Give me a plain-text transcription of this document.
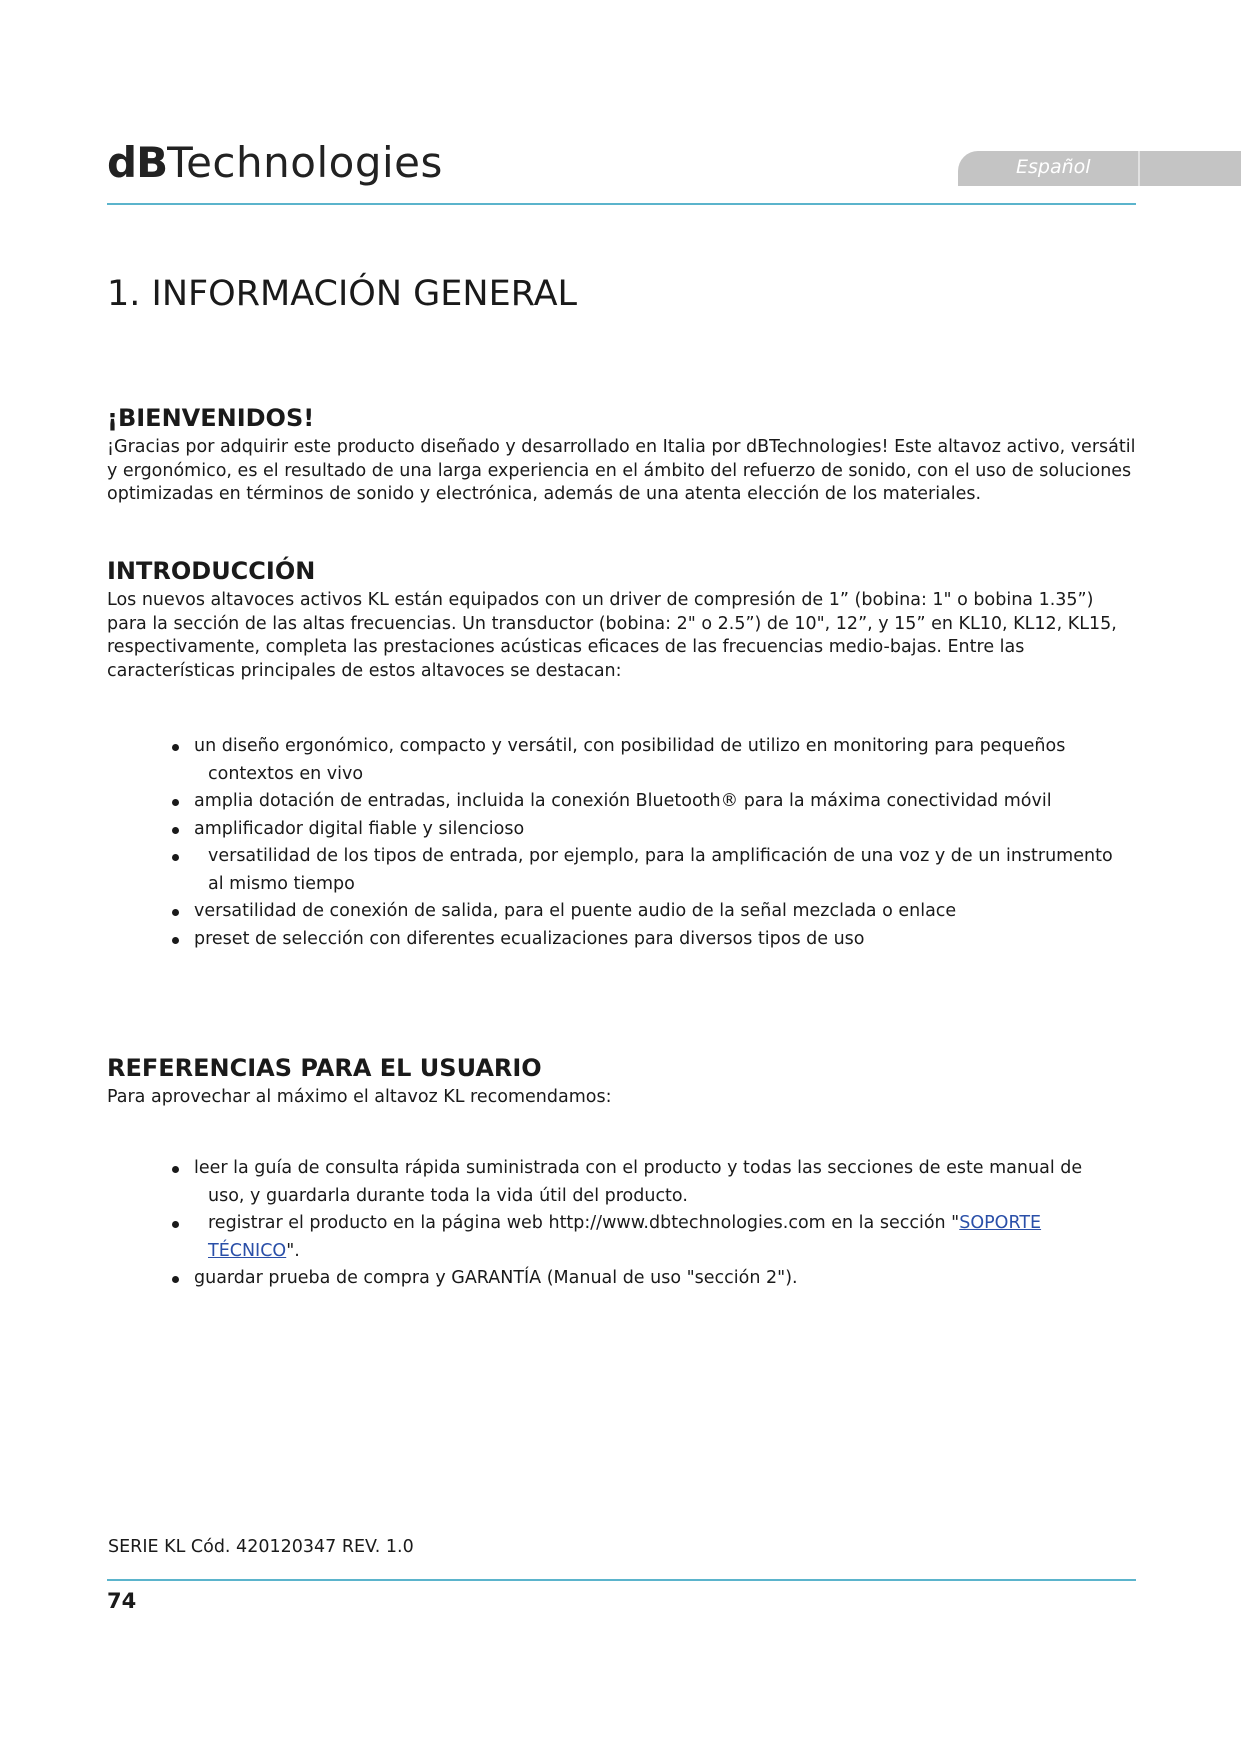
dBTechnologies	Español
1. INFORMACIÓN GENERAL
¡BIENVENIDOS!

¡Gracias por adquirir este producto diseñado y desarrollado en Italia por dBTechnologies! Este altavoz activo, versátil y ergonómico, es el resultado de una larga experiencia en el ámbito del refuerzo de sonido, con el uso de soluciones optimizadas en términos de sonido y electrónica, además de una atenta elección de los materiales.

INTRODUCCIÓN

Los nuevos altavoces activos KL están equipados con un driver de compresión de 1” (bobina: 1" o bobina 1.35”) para la sección de las altas frecuencias. Un transductor (bobina: 2" o 2.5”) de 10", 12”, y 15” en KL10, KL12, KL15, respectivamente, completa las prestaciones acústicas eficaces de las frecuencias medio-bajas. Entre las características principales de estos altavoces se destacan:

un diseño ergonómico, compacto y versátil, con posibilidad de utilizo en monitoring para pequeños
contextos en vivo
amplia dotación de entradas, incluida la conexión Bluetooth® para la máxima conectividad móvil
amplificador digital fiable y silencioso
versatilidad de los tipos de entrada, por ejemplo, para la amplificación de una voz y de un instrumento
al mismo tiempo
versatilidad de conexión de salida, para el puente audio de la señal mezclada o enlace
preset de selección con diferentes ecualizaciones para diversos tipos de uso
REFERENCIAS PARA EL USUARIO

Para aprovechar al máximo el altavoz KL recomendamos:

leer la guía de consulta rápida suministrada con el producto y todas las secciones de este manual de
uso, y guardarla durante toda la vida útil del producto.
registrar el producto en la página web http://www.dbtechnologies.com en la sección "SOPORTE
TÉCNICO".
guardar prueba de compra y GARANTÍA (Manual de uso "sección 2").
SERIE KL Cód. 420120347 REV. 1.0
74
